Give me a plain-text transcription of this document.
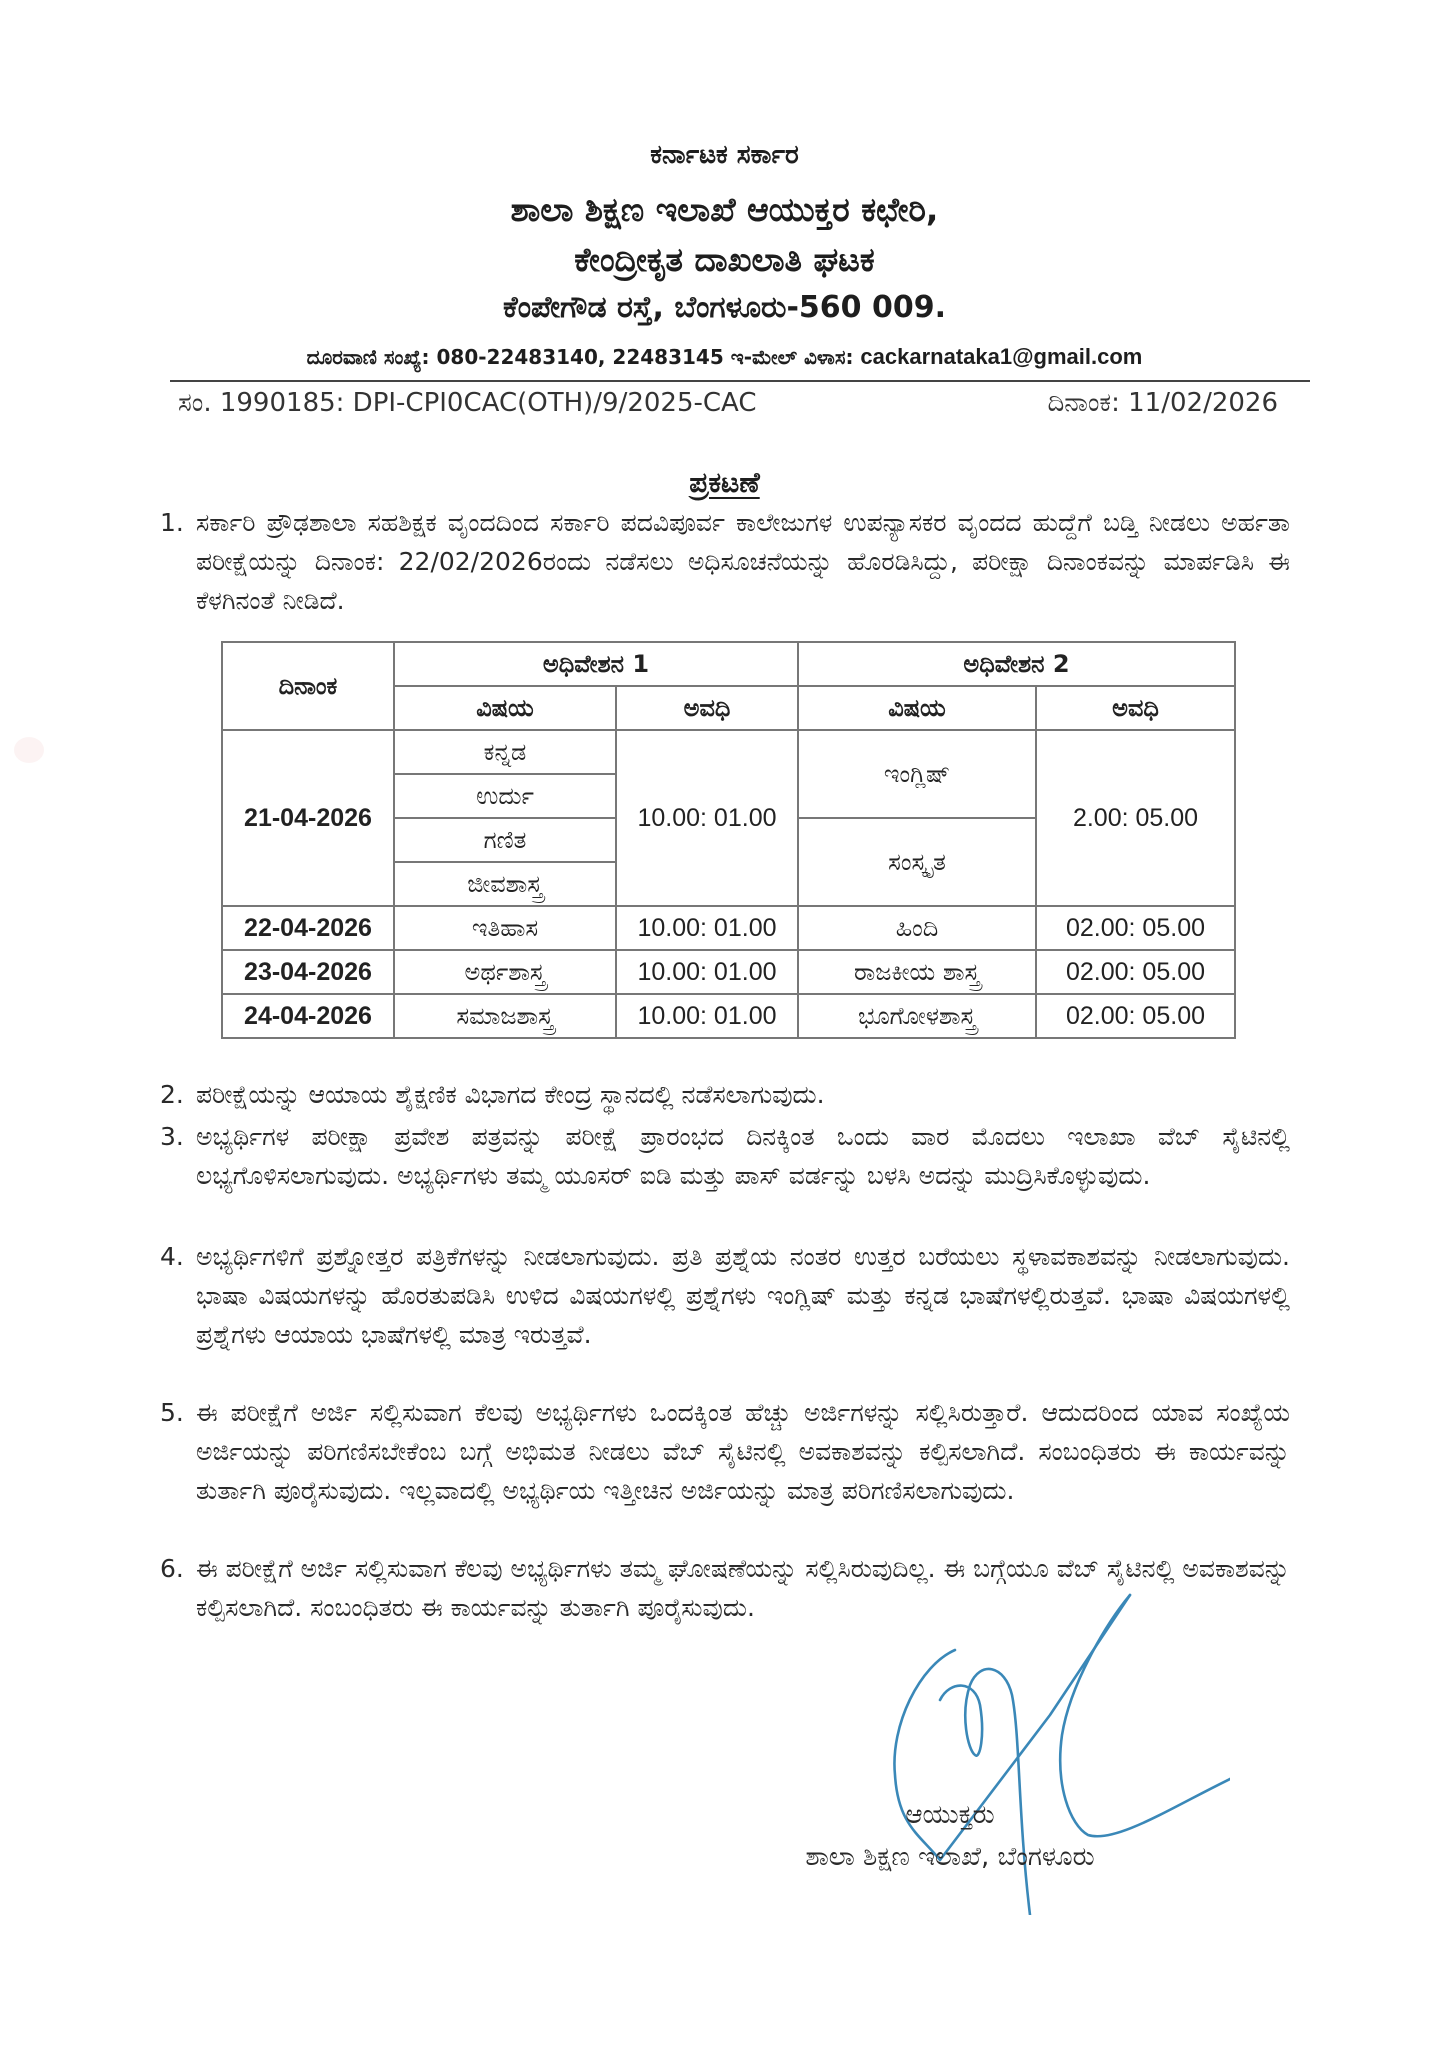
ಕರ್ನಾಟಕ ಸರ್ಕಾರ
ಶಾಲಾ ಶಿಕ್ಷಣ ಇಲಾಖೆ ಆಯುಕ್ತರ ಕಛೇರಿ,
ಕೇಂದ್ರೀಕೃತ ದಾಖಲಾತಿ ಘಟಕ
ಕೆಂಪೇಗೌಡ ರಸ್ತೆ, ಬೆಂಗಳೂರು-560 009.
ದೂರವಾಣಿ ಸಂಖ್ಯೆ: 080-22483140, 22483145 ಇ-ಮೇಲ್ ವಿಳಾಸ: cackarnataka1@gmail.com
ಸಂ. 1990185: DPI-CPI0CAC(OTH)/9/2025-CAC	ದಿನಾಂಕ: 11/02/2026
ಪ್ರಕಟಣೆ
1. ಸರ್ಕಾರಿ ಪ್ರೌಢಶಾಲಾ ಸಹಶಿಕ್ಷಕ ವೃಂದದಿಂದ ಸರ್ಕಾರಿ ಪದವಿಪೂರ್ವ ಕಾಲೇಜುಗಳ ಉಪನ್ಯಾಸಕರ ವೃಂದದ ಹುದ್ದೆಗೆ ಬಡ್ತಿ ನೀಡಲು ಅರ್ಹತಾ ಪರೀಕ್ಷೆಯನ್ನು ದಿನಾಂಕ: 22/02/2026ರಂದು ನಡೆಸಲು ಅಧಿಸೂಚನೆಯನ್ನು ಹೊರಡಿಸಿದ್ದು, ಪರೀಕ್ಷಾ ದಿನಾಂಕವನ್ನು ಮಾರ್ಪಡಿಸಿ ಈ ಕೆಳಗಿನಂತೆ ನೀಡಿದೆ.
ದಿನಾಂಕ	ಅಧಿವೇಶನ 1		ಅಧಿವೇಶನ 2	
	ವಿಷಯ	ಅವಧಿ	ವಿಷಯ	ಅವಧಿ
21-04-2026	ಕನ್ನಡ	10.00: 01.00	ಇಂಗ್ಲಿಷ್	2.00: 05.00
	ಉರ್ದು			
	ಗಣಿತ		ಸಂಸ್ಕೃತ	
	ಜೀವಶಾಸ್ತ್ರ			
22-04-2026	ಇತಿಹಾಸ	10.00: 01.00	ಹಿಂದಿ	02.00: 05.00
23-04-2026	ಅರ್ಥಶಾಸ್ತ್ರ	10.00: 01.00	ರಾಜಕೀಯ ಶಾಸ್ತ್ರ	02.00: 05.00
24-04-2026	ಸಮಾಜಶಾಸ್ತ್ರ	10.00: 01.00	ಭೂಗೋಳಶಾಸ್ತ್ರ	02.00: 05.00
2. ಪರೀಕ್ಷೆಯನ್ನು ಆಯಾಯ ಶೈಕ್ಷಣಿಕ ವಿಭಾಗದ ಕೇಂದ್ರ ಸ್ಥಾನದಲ್ಲಿ ನಡೆಸಲಾಗುವುದು.
3. ಅಭ್ಯರ್ಥಿಗಳ ಪರೀಕ್ಷಾ ಪ್ರವೇಶ ಪತ್ರವನ್ನು ಪರೀಕ್ಷೆ ಪ್ರಾರಂಭದ ದಿನಕ್ಕಿಂತ ಒಂದು ವಾರ ಮೊದಲು ಇಲಾಖಾ ವೆಬ್ ಸೈಟಿನಲ್ಲಿ ಲಭ್ಯಗೊಳಿಸಲಾಗುವುದು. ಅಭ್ಯರ್ಥಿಗಳು ತಮ್ಮ ಯೂಸರ್ ಐಡಿ ಮತ್ತು ಪಾಸ್ ವರ್ಡನ್ನು ಬಳಸಿ ಅದನ್ನು ಮುದ್ರಿಸಿಕೊಳ್ಳುವುದು.
4. ಅಭ್ಯರ್ಥಿಗಳಿಗೆ ಪ್ರಶ್ನೋತ್ತರ ಪತ್ರಿಕೆಗಳನ್ನು ನೀಡಲಾಗುವುದು. ಪ್ರತಿ ಪ್ರಶ್ನೆಯ ನಂತರ ಉತ್ತರ ಬರೆಯಲು ಸ್ಥಳಾವಕಾಶವನ್ನು ನೀಡಲಾಗುವುದು. ಭಾಷಾ ವಿಷಯಗಳನ್ನು ಹೊರತುಪಡಿಸಿ ಉಳಿದ ವಿಷಯಗಳಲ್ಲಿ ಪ್ರಶ್ನೆಗಳು ಇಂಗ್ಲಿಷ್ ಮತ್ತು ಕನ್ನಡ ಭಾಷೆಗಳಲ್ಲಿರುತ್ತವೆ. ಭಾಷಾ ವಿಷಯಗಳಲ್ಲಿ ಪ್ರಶ್ನೆಗಳು ಆಯಾಯ ಭಾಷೆಗಳಲ್ಲಿ ಮಾತ್ರ ಇರುತ್ತವೆ.
5. ಈ ಪರೀಕ್ಷೆಗೆ ಅರ್ಜಿ ಸಲ್ಲಿಸುವಾಗ ಕೆಲವು ಅಭ್ಯರ್ಥಿಗಳು ಒಂದಕ್ಕಿಂತ ಹೆಚ್ಚು ಅರ್ಜಿಗಳನ್ನು ಸಲ್ಲಿಸಿರುತ್ತಾರೆ. ಆದುದರಿಂದ ಯಾವ ಸಂಖ್ಯೆಯ ಅರ್ಜಿಯನ್ನು ಪರಿಗಣಿಸಬೇಕೆಂಬ ಬಗ್ಗೆ ಅಭಿಮತ ನೀಡಲು ವೆಬ್ ಸೈಟಿನಲ್ಲಿ ಅವಕಾಶವನ್ನು ಕಲ್ಪಿಸಲಾಗಿದೆ. ಸಂಬಂಧಿತರು ಈ ಕಾರ್ಯವನ್ನು ತುರ್ತಾಗಿ ಪೂರೈಸುವುದು. ಇಲ್ಲವಾದಲ್ಲಿ ಅಭ್ಯರ್ಥಿಯ ಇತ್ತೀಚಿನ ಅರ್ಜಿಯನ್ನು ಮಾತ್ರ ಪರಿಗಣಿಸಲಾಗುವುದು.
6. ಈ ಪರೀಕ್ಷೆಗೆ ಅರ್ಜಿ ಸಲ್ಲಿಸುವಾಗ ಕೆಲವು ಅಭ್ಯರ್ಥಿಗಳು ತಮ್ಮ ಘೋಷಣೆಯನ್ನು ಸಲ್ಲಿಸಿರುವುದಿಲ್ಲ. ಈ ಬಗ್ಗೆಯೂ ವೆಬ್ ಸೈಟಿನಲ್ಲಿ ಅವಕಾಶವನ್ನು ಕಲ್ಪಿಸಲಾಗಿದೆ. ಸಂಬಂಧಿತರು ಈ ಕಾರ್ಯವನ್ನು ತುರ್ತಾಗಿ ಪೂರೈಸುವುದು.
ಆಯುಕ್ತರು
ಶಾಲಾ ಶಿಕ್ಷಣ ಇಲಾಖೆ, ಬೆಂಗಳೂರು
